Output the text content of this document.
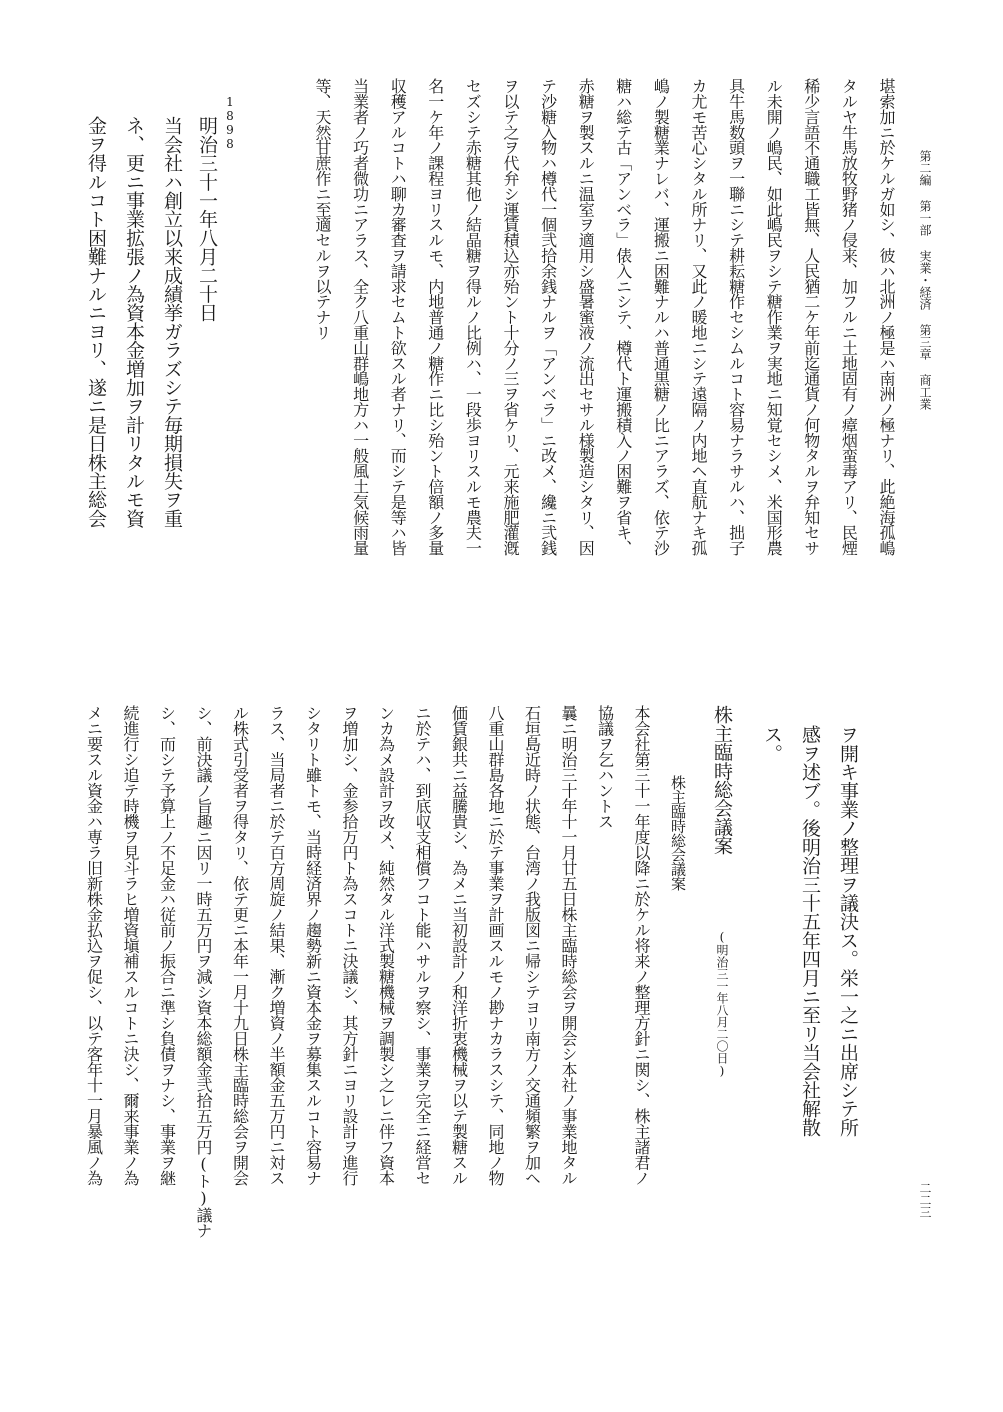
第二編 第一部 実業・経済 第三章 商工業
二二三
堪索加ニ於ケルガ如シ、彼ハ北洲ノ極是ハ南洲ノ極ナリ、此絶海孤嶋
タルヤ牛馬放牧野猪ノ侵来、加フルニ土地固有ノ瘴烟蛮毒アリ、民煙
稀少言語不通職工皆無、人民猶二ケ年前迄通貨ノ何物タルヲ弁知セサ
ル未開ノ嶋民、如此嶋民ヲシテ糖作業ヲ実地ニ知覚セシメ、米国形農
具牛馬数頭ヲ一聯ニシテ耕耘糖作セシムルコト容易ナラサルハ、拙子
カ尤モ苦心シタル所ナリ、又此ノ暖地ニシテ遠隔ノ内地ヘ直航ナキ孤
嶋ノ製糖業ナレバ、運搬ニ困難ナルハ普通黒糖ノ比ニアラズ、依テ沙
糖ハ総テ古「アンベラ」俵入ニシテ、樽代ト運搬積入ノ困難ヲ省キ、
赤糖ヲ製スルニ温室ヲ適用シ盛暑蜜液ノ流出セサル様製造シタリ、因
テ沙糖入物ハ樽代一個弐拾余銭ナルヲ「アンベラ」ニ改メ、纔ニ弐銭
ヲ以テ之ヲ代弁シ運賃積込亦殆ント十分ノ三ヲ省ケリ、元来施肥灌漑
セズシテ赤糖其他ノ結晶糖ヲ得ルノ比例ハ、一段歩ヨリスルモ農夫一
名一ケ年ノ課程ヨリスルモ、内地普通ノ糖作ニ比シ殆ント倍額ノ多量
収穫アルコトハ聊カ審査ヲ請求セムト欲スル者ナリ、而シテ是等ハ皆
当業者ノ巧者微功ニアラス、全ク八重山群嶋地方ハ一般風土気候雨量
等、天然甘蔗作ニ至適セルヲ以テナリ
1898
明治三十一年八月二十日
当会社ハ創立以来成績挙ガラズシテ毎期損失ヲ重
ネ、更ニ事業拡張ノ為資本金増加ヲ計リタルモ資
金ヲ得ルコト困難ナルニヨリ、遂ニ是日株主総会
ヲ開キ事業ノ整理ヲ議決ス。栄一之ニ出席シテ所
感ヲ述ブ。後明治三十五年四月ニ至リ当会社解散
ス。
株主臨時総会議案
(明治三一年八月二〇日)
株主臨時総会議案
本会社第三十一年度以降ニ於ケル将来ノ整理方針ニ関シ、株主諸君ノ
協議ヲ乞ハントス
曩ニ明治三十年十一月廿五日株主臨時総会ヲ開会シ本社ノ事業地タル
石垣島近時ノ状態、台湾ノ我版図ニ帰シテヨリ南方ノ交通頻繁ヲ加ヘ
八重山群島各地ニ於テ事業ヲ計画スルモノ尠ナカラスシテ、同地ノ物
価賃銀共ニ益騰貴シ、為メニ当初設計ノ和洋折衷機械ヲ以テ製糖スル
ニ於テハ、到底収支相償フコト能ハサルヲ察シ、事業ヲ完全ニ経営セ
ンカ為メ設計ヲ改メ、純然タル洋式製糖機械ヲ調製シ之レニ伴フ資本
ヲ増加シ、金参拾万円ト為スコトニ決議シ、其方針ニヨリ設計ヲ進行
シタリト雖トモ、当時経済界ノ趨勢新ニ資本金ヲ募集スルコト容易ナ
ラス、当局者ニ於テ百方周旋ノ結果、漸ク増資ノ半額金五万円ニ対ス
ル株式引受者ヲ得タリ、依テ更ニ本年一月十九日株主臨時総会ヲ開会
シ、前決議ノ旨趣ニ因リ一時五万円ヲ減シ資本総額金弐拾五万円(ト)議ナ
シ、而シテ予算上ノ不足金ハ従前ノ振合ニ準シ負債ヲナシ、事業ヲ継
続進行シ追テ時機ヲ見斗ラヒ増資塡補スルコトニ決シ、爾来事業ノ為
メニ要スル資金ハ専ラ旧新株金払込ヲ促シ、以テ客年十一月暴風ノ為
